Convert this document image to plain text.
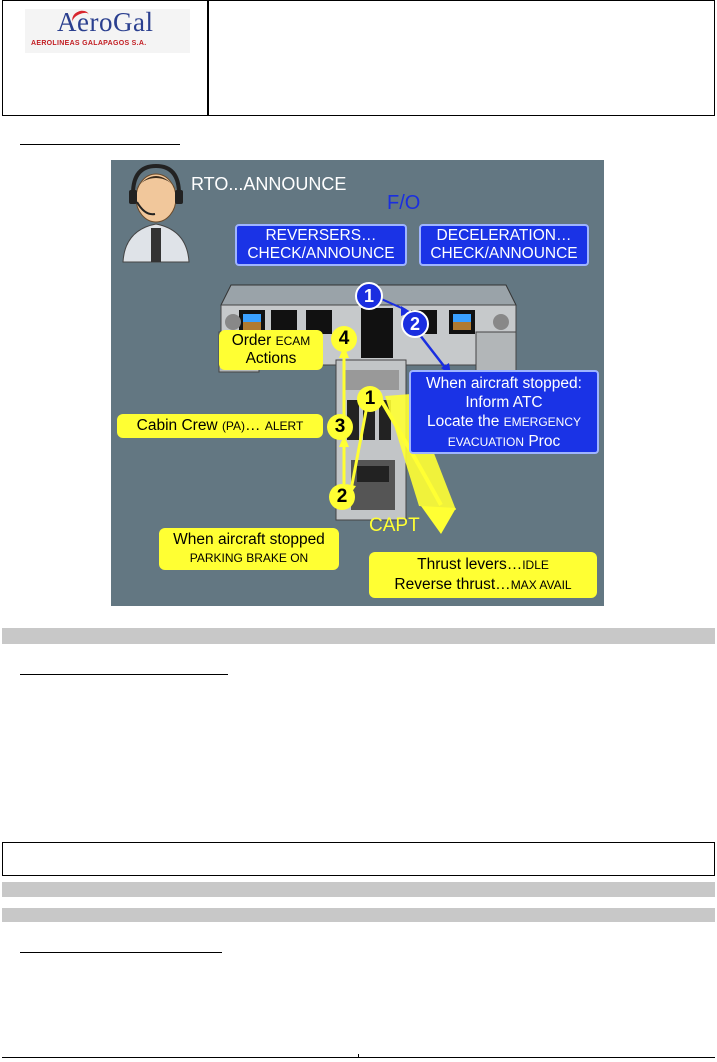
AeroGal
AEROLINEAS GALAPAGOS S.A.
RTO...ANNOUNCE
F/O
CAPT
REVERSERS…
CHECK/ANNOUNCE
DECELERATION…
CHECK/ANNOUNCE
1
2
When aircraft stopped:
Inform ATC
Locate the EMERGENCY
EVACUATION Proc
Order ECAM
Actions
Cabin Crew (PA)… ALERT
4
3
1
2
When aircraft stopped
PARKING BRAKE ON	Thrust levers…IDLE
Reverse thrust…MAX AVAIL
